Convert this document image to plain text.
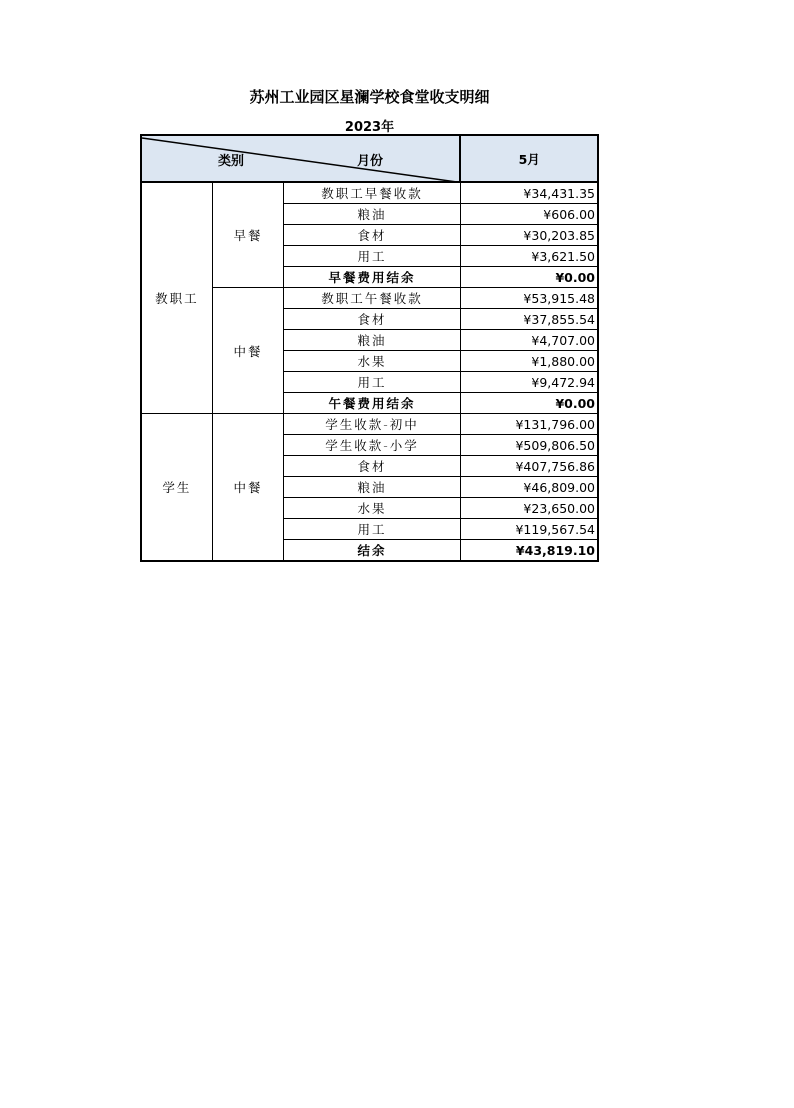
苏州工业园区星澜学校食堂收支明细
2023年
类别 月份			5月
教职工	早餐	教职工早餐收款	¥34,431.35
		粮油	¥606.00
		食材	¥30,203.85
		用工	¥3,621.50
		早餐费用结余	¥0.00
	中餐	教职工午餐收款	¥53,915.48
		食材	¥37,855.54
		粮油	¥4,707.00
		水果	¥1,880.00
		用工	¥9,472.94
		午餐费用结余	¥0.00
学生	中餐	学生收款-初中	¥131,796.00
		学生收款-小学	¥509,806.50
		食材	¥407,756.86
		粮油	¥46,809.00
		水果	¥23,650.00
		用工	¥119,567.54
		结余	¥43,819.10
